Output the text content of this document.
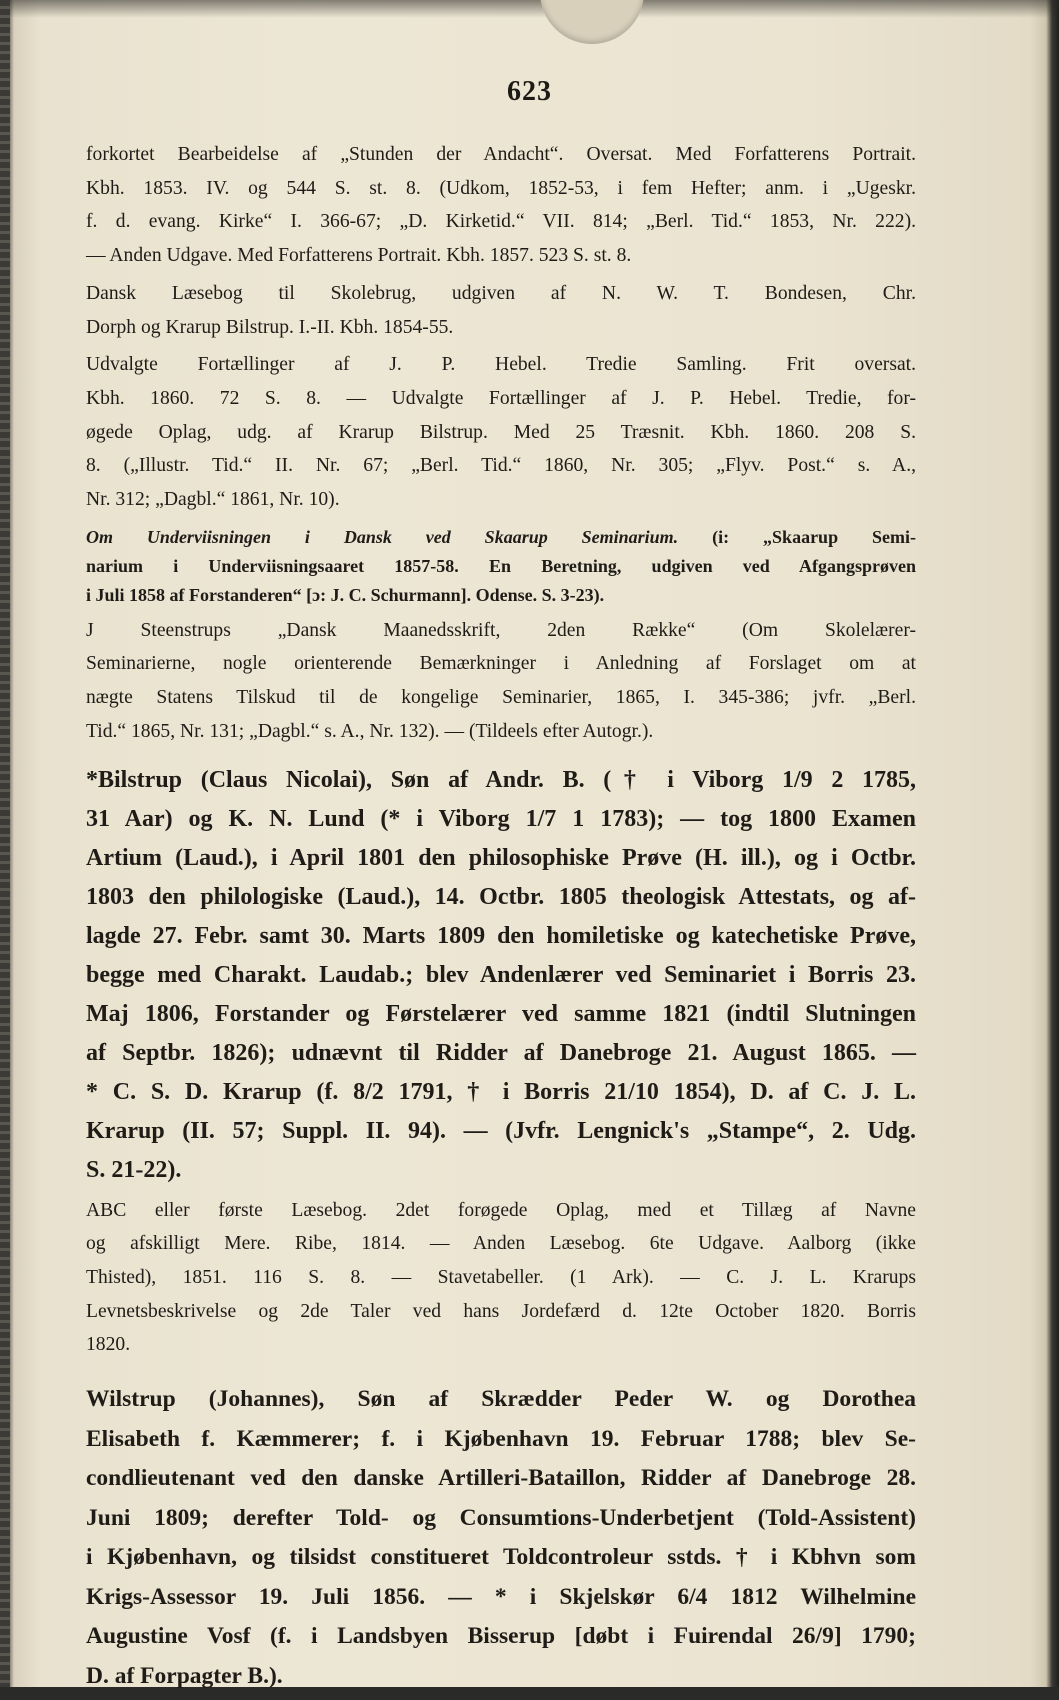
623
forkortet Bearbeidelse af „Stunden der Andacht“. Oversat. Med Forfatterens Portrait.
Kbh. 1853. IV. og 544 S. st. 8. (Udkom, 1852-53, i fem Hefter; anm. i „Ugeskr.
f. d. evang. Kirke“ I. 366-67; „D. Kirketid.“ VII. 814; „Berl. Tid.“ 1853, Nr. 222).
— Anden Udgave. Med Forfatterens Portrait. Kbh. 1857. 523 S. st. 8.
Dansk Læsebog til Skolebrug, udgiven af N. W. T. Bondesen, Chr.
Dorph og Krarup Bilstrup. I.-II. Kbh. 1854-55.
Udvalgte Fortællinger af J. P. Hebel. Tredie Samling. Frit oversat.
Kbh. 1860. 72 S. 8. — Udvalgte Fortællinger af J. P. Hebel. Tredie, for-
øgede Oplag, udg. af Krarup Bilstrup. Med 25 Træsnit. Kbh. 1860. 208 S.
8. („Illustr. Tid.“ II. Nr. 67; „Berl. Tid.“ 1860, Nr. 305; „Flyv. Post.“ s. A.,
Nr. 312; „Dagbl.“ 1861, Nr. 10).
Om Underviisningen i Dansk ved Skaarup Seminarium. (i: „Skaarup Semi-
narium i Underviisningsaaret 1857-58. En Beretning, udgiven ved Afgangsprøven
i Juli 1858 af Forstanderen“ [ɔ: J. C. Schurmann]. Odense. S. 3-23).
J Steenstrups „Dansk Maanedsskrift, 2den Række“ (Om Skolelærer-
Seminarierne, nogle orienterende Bemærkninger i Anledning af Forslaget om at
nægte Statens Tilskud til de kongelige Seminarier, 1865, I. 345-386; jvfr. „Berl.
Tid.“ 1865, Nr. 131; „Dagbl.“ s. A., Nr. 132). — (Tildeels efter Autogr.).
*Bilstrup (Claus Nicolai), Søn af Andr. B. († i Viborg 1/9 2 1785,
31 Aar) og K. N. Lund (* i Viborg 1/7 1 1783); — tog 1800 Examen
Artium (Laud.), i April 1801 den philosophiske Prøve (H. ill.), og i Octbr.
1803 den philologiske (Laud.), 14. Octbr. 1805 theologisk Attestats, og af-
lagde 27. Febr. samt 30. Marts 1809 den homiletiske og katechetiske Prøve,
begge med Charakt. Laudab.; blev Andenlærer ved Seminariet i Borris 23.
Maj 1806, Forstander og Førstelærer ved samme 1821 (indtil Slutningen
af Septbr. 1826); udnævnt til Ridder af Danebroge 21. August 1865. —
* C. S. D. Krarup (f. 8/2 1791, † i Borris 21/10 1854), D. af C. J. L.
Krarup (II. 57; Suppl. II. 94). — (Jvfr. Lengnick's „Stampe“, 2. Udg.
S. 21-22).
ABC eller første Læsebog. 2det forøgede Oplag, med et Tillæg af Navne
og afskilligt Mere. Ribe, 1814. — Anden Læsebog. 6te Udgave. Aalborg (ikke
Thisted), 1851. 116 S. 8. — Stavetabeller. (1 Ark). — C. J. L. Krarups
Levnetsbeskrivelse og 2de Taler ved hans Jordefærd d. 12te October 1820. Borris
1820.
Wilstrup (Johannes), Søn af Skrædder Peder W. og Dorothea
Elisabeth f. Kæmmerer; f. i Kjøbenhavn 19. Februar 1788; blev Se-
condlieutenant ved den danske Artilleri-Bataillon, Ridder af Danebroge 28.
Juni 1809; derefter Told- og Consumtions-Underbetjent (Told-Assistent)
i Kjøbenhavn, og tilsidst constitueret Toldcontroleur sstds. † i Kbhvn som
Krigs-Assessor 19. Juli 1856. — * i Skjelskør 6/4 1812 Wilhelmine
Augustine Vosf (f. i Landsbyen Bisserup [døbt i Fuirendal 26/9] 1790;
D. af Forpagter B.).
